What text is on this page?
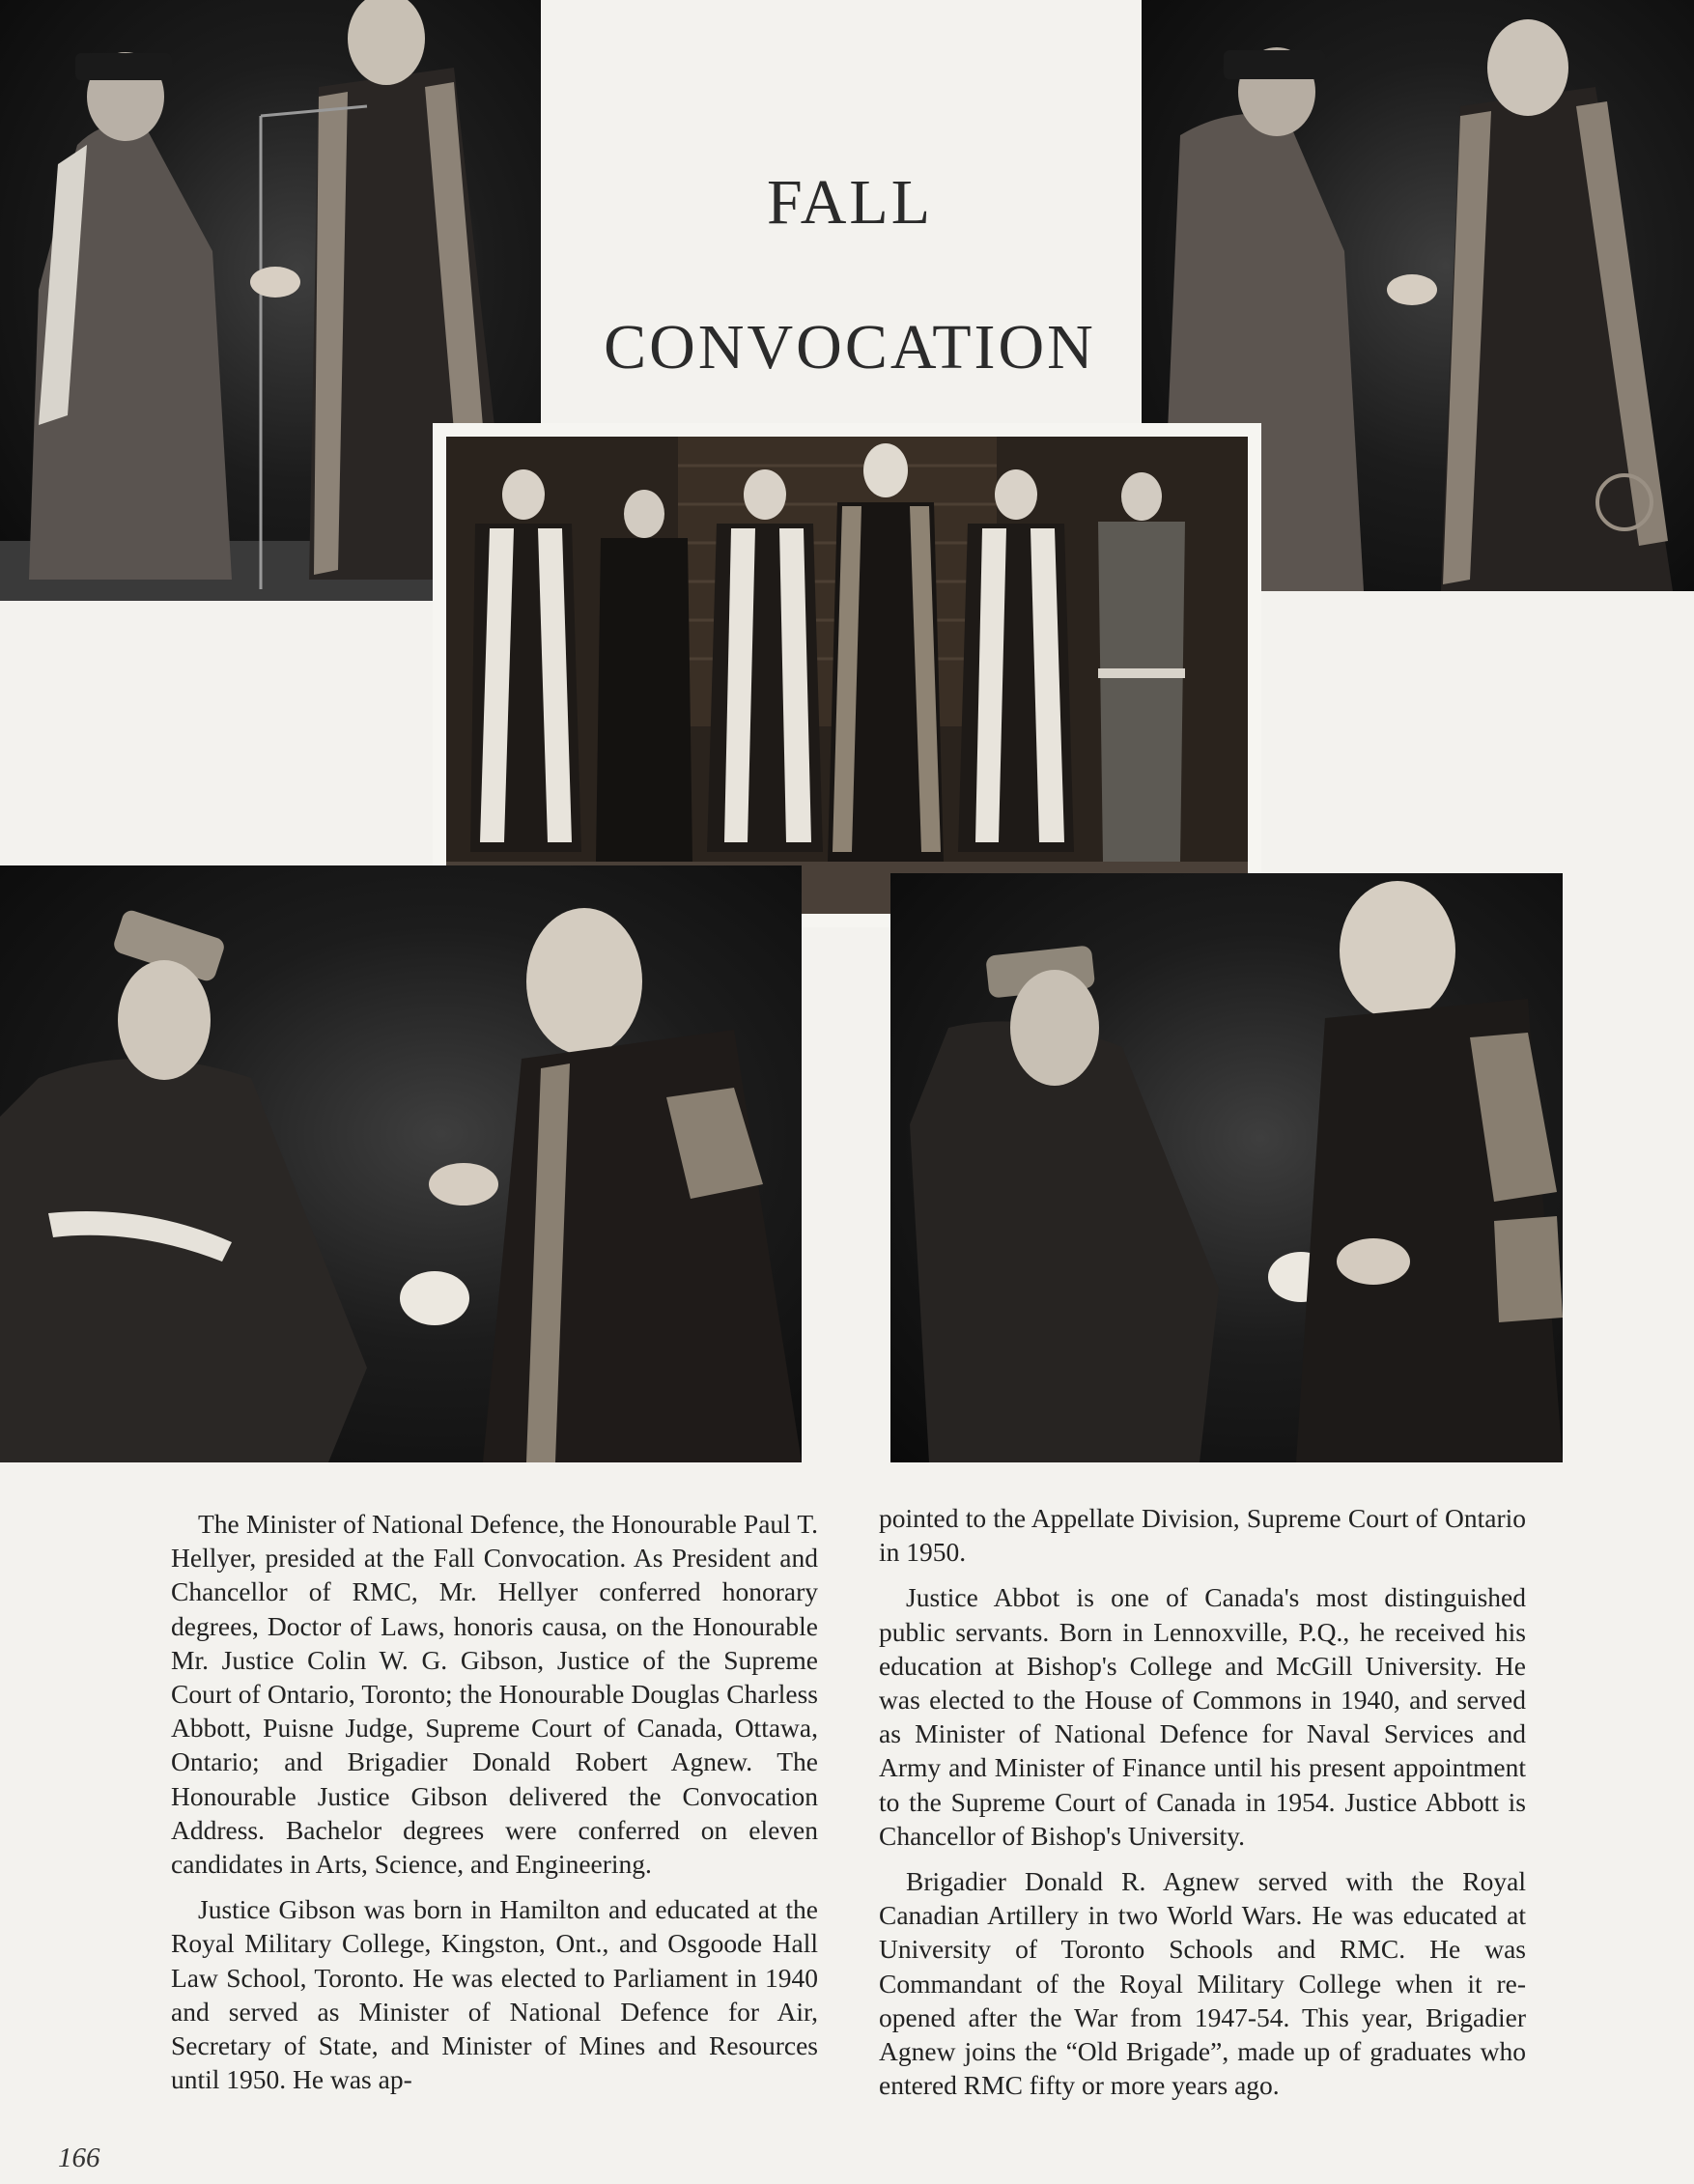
FALL
CONVOCATION

The Minister of National Defence, the Honourable Paul T. Hellyer, presided at the Fall Convocation. As President and Chancellor of RMC, Mr. Hellyer conferred honorary degrees, Doctor of Laws, honoris causa, on the Honourable Mr. Justice Colin W. G. Gibson, Justice of the Supreme Court of Ontario, Toronto; the Honourable Douglas Charless Abbott, Puisne Judge, Supreme Court of Canada, Ottawa, Ontario; and Brigadier Donald Robert Agnew. The Honourable Justice Gibson delivered the Convocation Address. Bachelor degrees were conferred on eleven candidates in Arts, Science, and Engineering.

Justice Gibson was born in Hamilton and educated at the Royal Military College, Kingston, Ont., and Osgoode Hall Law School, Toronto. He was elected to Parliament in 1940 and served as Minister of National Defence for Air, Secretary of State, and Minister of Mines and Resources until 1950. He was ap-

pointed to the Appellate Division, Supreme Court of Ontario in 1950.

Justice Abbot is one of Canada's most distinguished public servants. Born in Lennoxville, P.Q., he received his education at Bishop's College and McGill University. He was elected to the House of Commons in 1940, and served as Minister of National Defence for Naval Services and Army and Minister of Finance until his present appointment to the Supreme Court of Canada in 1954. Justice Abbott is Chancellor of Bishop's University.

Brigadier Donald R. Agnew served with the Royal Canadian Artillery in two World Wars. He was educated at University of Toronto Schools and RMC. He was Commandant of the Royal Military College when it re-opened after the War from 1947-54. This year, Brigadier Agnew joins the “Old Brigade”, made up of graduates who entered RMC fifty or more years ago.

166
